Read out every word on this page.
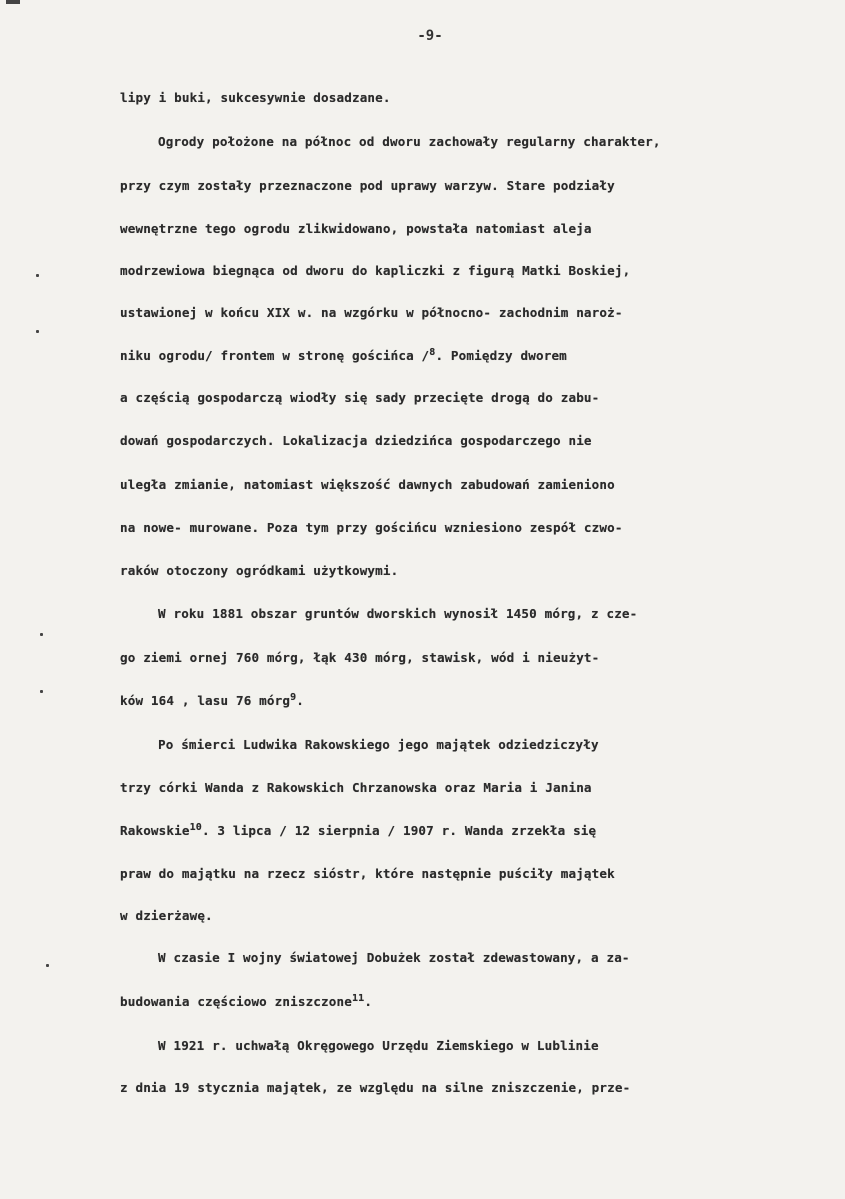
-9-
lipy i buki, sukcesywnie dosadzane.
Ogrody położone na północ od dworu zachowały regularny charakter,
przy czym zostały przeznaczone pod uprawy warzyw. Stare podziały
wewnętrzne tego ogrodu zlikwidowano, powstała natomiast aleja
modrzewiowa biegnąca od dworu do kapliczki z figurą Matki Boskiej,
ustawionej w końcu XIX w. na wzgórku w północno- zachodnim naroż-
niku ogrodu/ frontem w stronę gościńca /$^8$. Pomiędzy dworem
a częścią gospodarczą wiodły się sady przecięte drogą do zabu-
dowań gospodarczych. Lokalizacja dziedzińca gospodarczego nie
uległa zmianie, natomiast większość dawnych zabudowań zamieniono
na nowe- murowane. Poza tym przy gościńcu wzniesiono zespół czwo-
raków otoczony ogródkami użytkowymi.
W roku 1881 obszar gruntów dworskich wynosił 1450 mórg, z cze-
go ziemi ornej 760 mórg, łąk 430 mórg, stawisk, wód i nieużyt-
ków 164 , lasu 76 mórg$^9$.
Po śmierci Ludwika Rakowskiego jego majątek odziedziczyły
trzy córki Wanda z Rakowskich Chrzanowska oraz Maria i Janina
Rakowskie$^{10}$. 3 lipca / 12 sierpnia / 1907 r. Wanda zrzekła się
praw do majątku na rzecz sióstr, które następnie puściły majątek
w dzierżawę.
W czasie I wojny światowej Dobużek został zdewastowany, a za-
budowania częściowo zniszczone$^{11}$.
W 1921 r. uchwałą Okręgowego Urzędu Ziemskiego w Lublinie
z dnia 19 stycznia majątek, ze względu na silne zniszczenie, prze-
